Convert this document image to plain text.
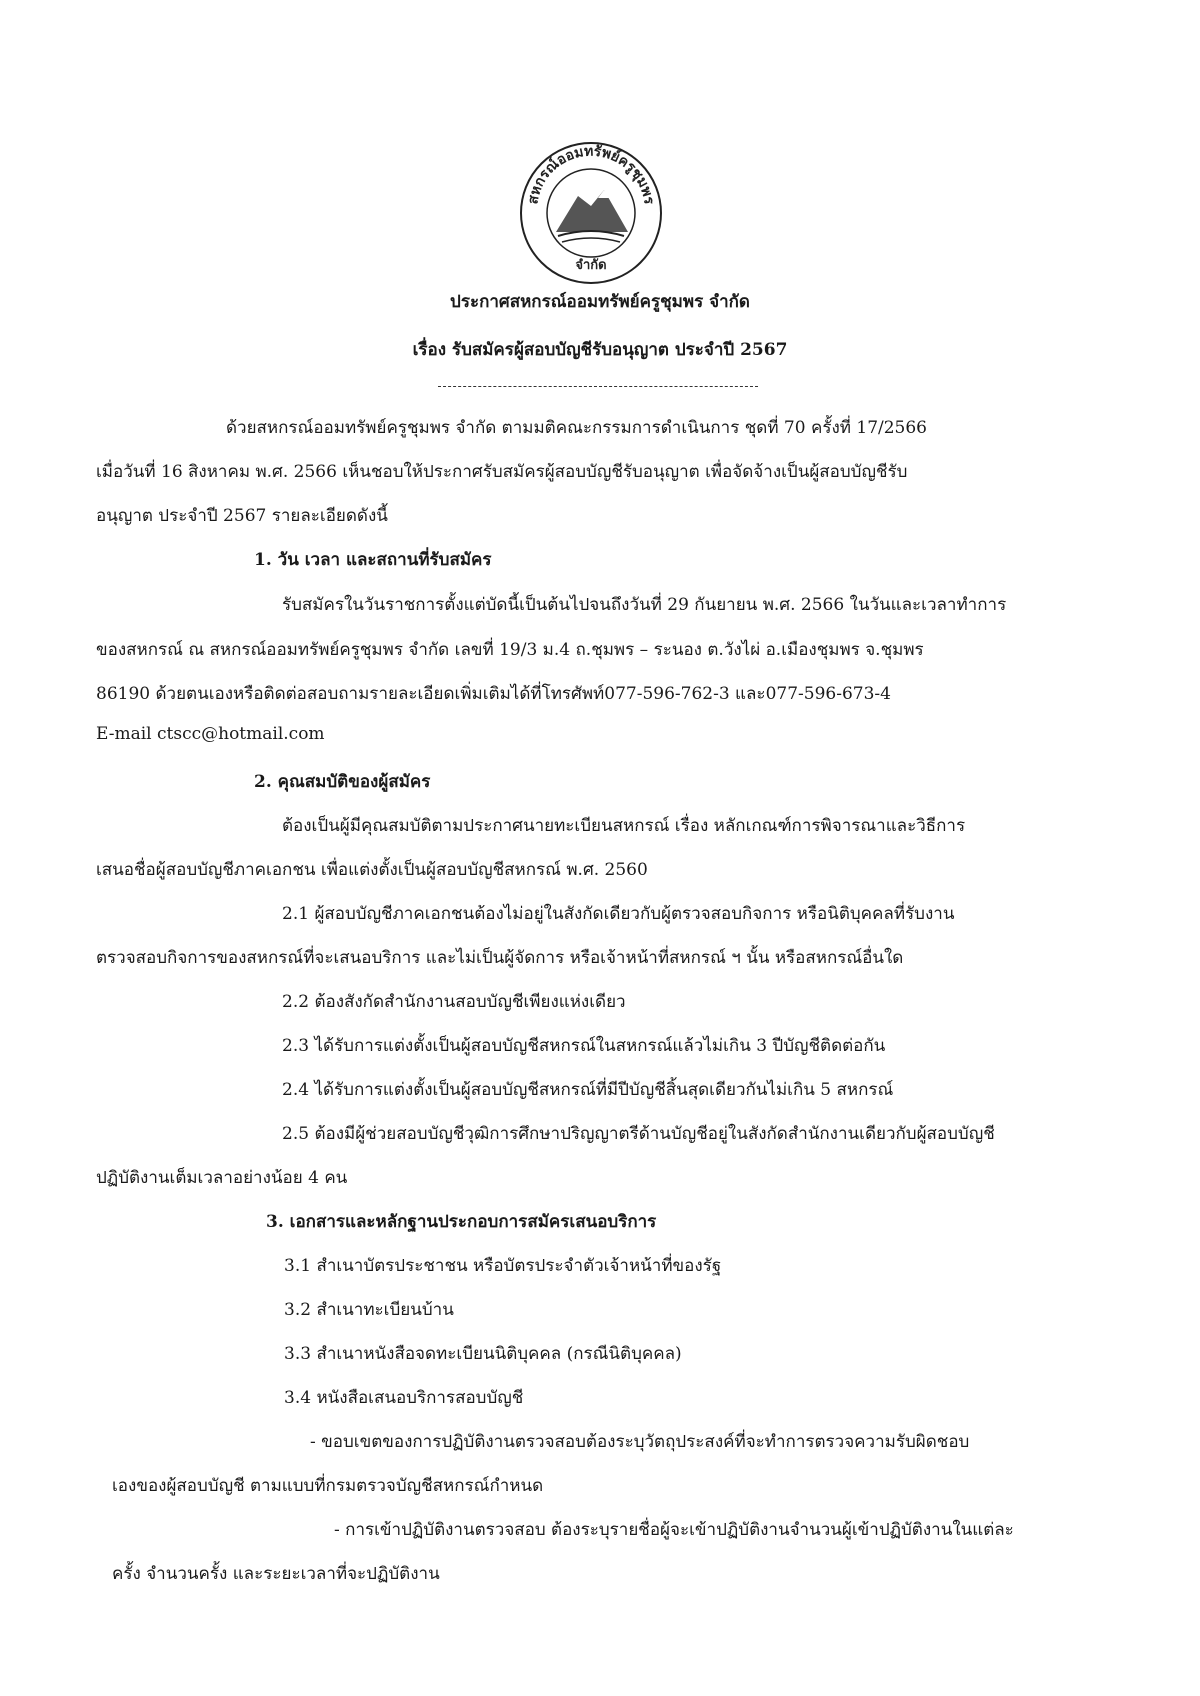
สหกรณ์ออมทรัพย์ครูชุมพร
จำกัด
ประกาศสหกรณ์ออมทรัพย์ครูชุมพร จำกัด
เรื่อง รับสมัครผู้สอบบัญชีรับอนุญาต ประจำปี 2567
ด้วยสหกรณ์ออมทรัพย์ครูชุมพร จำกัด ตามมติคณะกรรมการดำเนินการ ชุดที่ 70 ครั้งที่ 17/2566
เมื่อวันที่ 16 สิงหาคม พ.ศ. 2566 เห็นชอบให้ประกาศรับสมัครผู้สอบบัญชีรับอนุญาต เพื่อจัดจ้างเป็นผู้สอบบัญชีรับ
อนุญาต ประจำปี 2567 รายละเอียดดังนี้
1. วัน เวลา และสถานที่รับสมัคร
รับสมัครในวันราชการตั้งแต่บัดนี้เป็นต้นไปจนถึงวันที่ 29 กันยายน พ.ศ. 2566 ในวันและเวลาทำการ
ของสหกรณ์ ณ สหกรณ์ออมทรัพย์ครูชุมพร จำกัด เลขที่ 19/3 ม.4 ถ.ชุมพร – ระนอง ต.วังไผ่ อ.เมืองชุมพร จ.ชุมพร
86190 ด้วยตนเองหรือติดต่อสอบถามรายละเอียดเพิ่มเติมได้ที่โทรศัพท์077-596-762-3 และ077-596-673-4
E-mail ctscc@hotmail.com
2. คุณสมบัติของผู้สมัคร
ต้องเป็นผู้มีคุณสมบัติตามประกาศนายทะเบียนสหกรณ์ เรื่อง หลักเกณฑ์การพิจารณาและวิธีการ
เสนอชื่อผู้สอบบัญชีภาคเอกชน เพื่อแต่งตั้งเป็นผู้สอบบัญชีสหกรณ์ พ.ศ. 2560
2.1 ผู้สอบบัญชีภาคเอกชนต้องไม่อยู่ในสังกัดเดียวกับผู้ตรวจสอบกิจการ หรือนิติบุคคลที่รับงาน
ตรวจสอบกิจการของสหกรณ์ที่จะเสนอบริการ และไม่เป็นผู้จัดการ หรือเจ้าหน้าที่สหกรณ์ ฯ นั้น หรือสหกรณ์อื่นใด
2.2 ต้องสังกัดสำนักงานสอบบัญชีเพียงแห่งเดียว
2.3 ได้รับการแต่งตั้งเป็นผู้สอบบัญชีสหกรณ์ในสหกรณ์แล้วไม่เกิน 3 ปีบัญชีติดต่อกัน
2.4 ได้รับการแต่งตั้งเป็นผู้สอบบัญชีสหกรณ์ที่มีปีบัญชีสิ้นสุดเดียวกันไม่เกิน 5 สหกรณ์
2.5 ต้องมีผู้ช่วยสอบบัญชีวุฒิการศึกษาปริญญาตรีด้านบัญชีอยู่ในสังกัดสำนักงานเดียวกับผู้สอบบัญชี
ปฏิบัติงานเต็มเวลาอย่างน้อย 4 คน
3. เอกสารและหลักฐานประกอบการสมัครเสนอบริการ
3.1 สำเนาบัตรประชาชน หรือบัตรประจำตัวเจ้าหน้าที่ของรัฐ
3.2 สำเนาทะเบียนบ้าน
3.3 สำเนาหนังสือจดทะเบียนนิติบุคคล (กรณีนิติบุคคล)
3.4 หนังสือเสนอบริการสอบบัญชี
- ขอบเขตของการปฏิบัติงานตรวจสอบต้องระบุวัตถุประสงค์ที่จะทำการตรวจความรับผิดชอบ
เองของผู้สอบบัญชี ตามแบบที่กรมตรวจบัญชีสหกรณ์กำหนด
- การเข้าปฏิบัติงานตรวจสอบ ต้องระบุรายชื่อผู้จะเข้าปฏิบัติงานจำนวนผู้เข้าปฏิบัติงานในแต่ละ
ครั้ง จำนวนครั้ง และระยะเวลาที่จะปฏิบัติงาน
